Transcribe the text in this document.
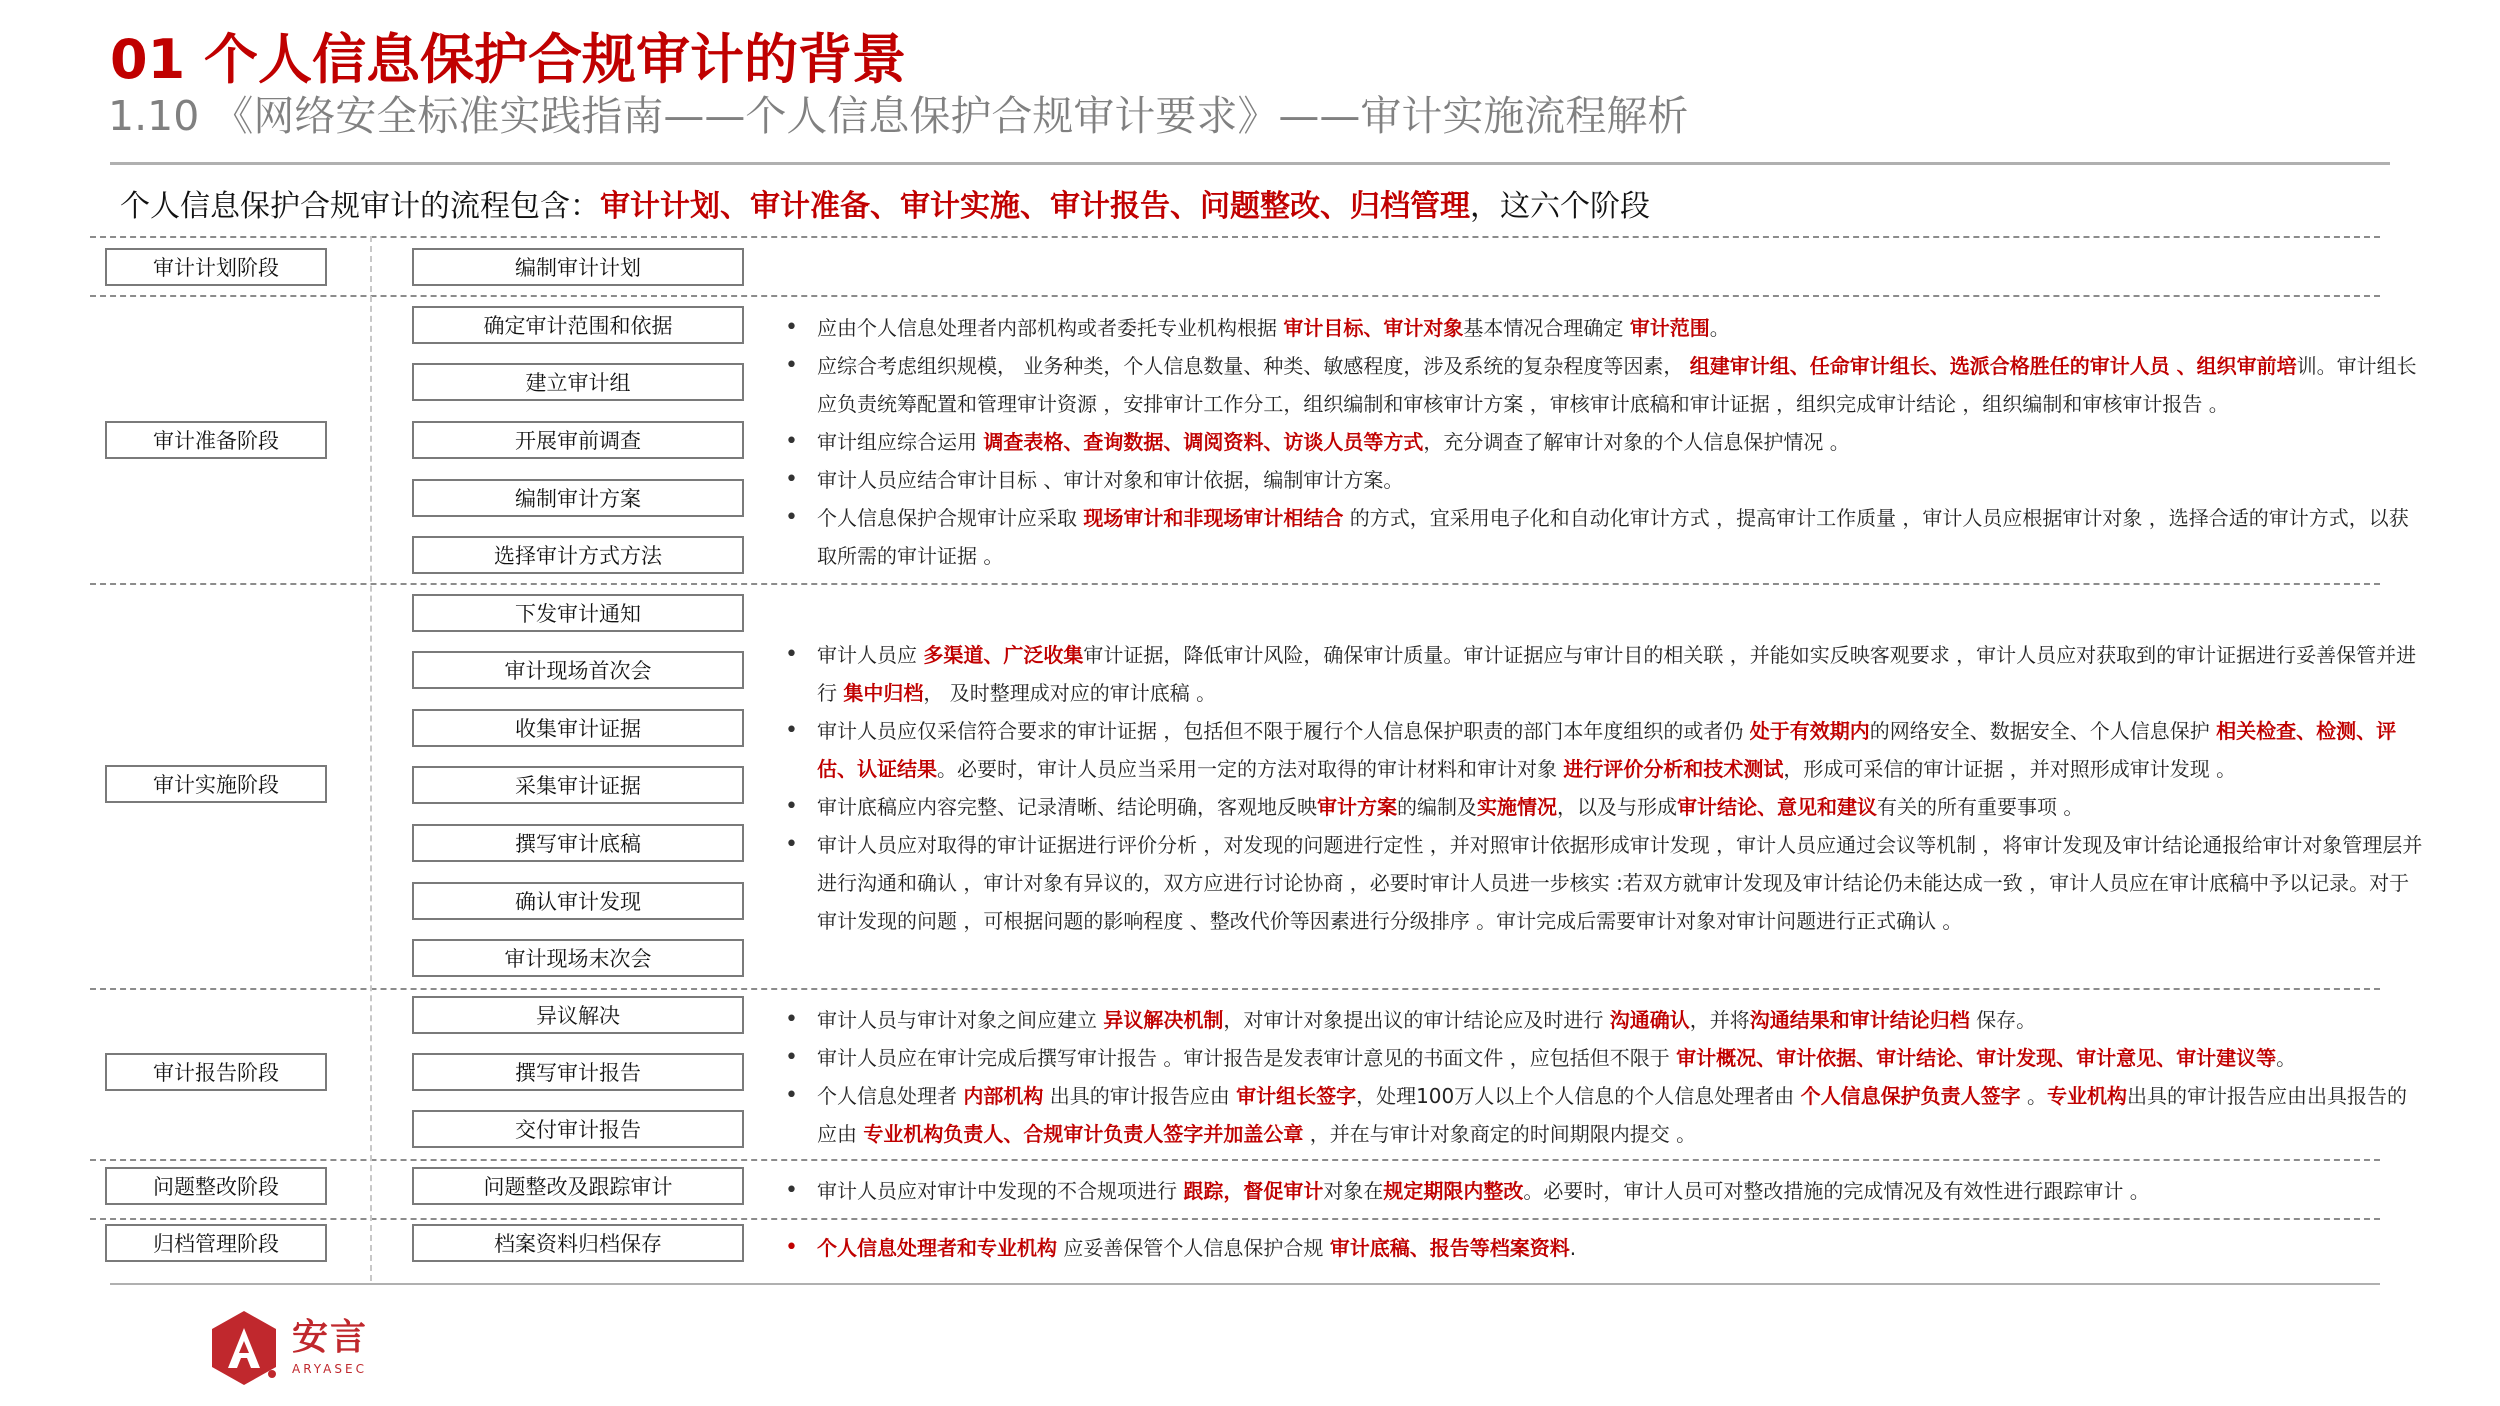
01 个人信息保护合规审计的背景
1.10 《网络安全标准实践指南——个人信息保护合规审计要求》——审计实施流程解析
个人信息保护合规审计的流程包含：审计计划、审计准备、审计实施、审计报告、问题整改、归档管理，这六个阶段
审计计划阶段
审计准备阶段
审计实施阶段
审计报告阶段
问题整改阶段
归档管理阶段
编制审计计划
确定审计范围和依据
建立审计组
开展审前调查
编制审计方案
选择审计方式方法
下发审计通知
审计现场首次会
收集审计证据
采集审计证据
撰写审计底稿
确认审计发现
审计现场末次会
异议解决
撰写审计报告
交付审计报告
问题整改及跟踪审计
档案资料归档保存
• 应由个人信息处理者内部机构或者委托专业机构根据 审计目标、审计对象基本情况合理确定 审计范围。
• 应综合考虑组织规模， 业务种类，个人信息数量、种类、敏感程度，涉及系统的复杂程度等因素， 组建审计组、任命审计组长、选派合格胜任的审计人员 、组织审前培训。审计组长应负责统筹配置和管理审计资源 ，安排审计工作分工，组织编制和审核审计方案 ，审核审计底稿和审计证据 ，组织完成审计结论 ，组织编制和审核审计报告 。
• 审计组应综合运用 调查表格、查询数据、调阅资料、访谈人员等方式，充分调查了解审计对象的个人信息保护情况 。
• 审计人员应结合审计目标 、审计对象和审计依据，编制审计方案。
• 个人信息保护合规审计应采取 现场审计和非现场审计相结合 的方式，宜采用电子化和自动化审计方式 ，提高审计工作质量 ，审计人员应根据审计对象 ，选择合适的审计方式，以获取所需的审计证据 。
• 审计人员应 多渠道、广泛收集审计证据，降低审计风险，确保审计质量。审计证据应与审计目的相关联 ，并能如实反映客观要求 ，审计人员应对获取到的审计证据进行妥善保管并进行 集中归档， 及时整理成对应的审计底稿 。
• 审计人员应仅采信符合要求的审计证据 ，包括但不限于履行个人信息保护职责的部门本年度组织的或者仍 处于有效期内的网络安全、数据安全、个人信息保护 相关检查、检测、评估、认证结果。必要时，审计人员应当采用一定的方法对取得的审计材料和审计对象 进行评价分析和技术测试，形成可采信的审计证据 ，并对照形成审计发现 。
• 审计底稿应内容完整、记录清晰、结论明确，客观地反映审计方案的编制及实施情况，以及与形成审计结论、意见和建议有关的所有重要事项 。
• 审计人员应对取得的审计证据进行评价分析 ，对发现的问题进行定性 ，并对照审计依据形成审计发现 ，审计人员应通过会议等机制 ，将审计发现及审计结论通报给审计对象管理层并进行沟通和确认 ，审计对象有异议的，双方应进行讨论协商 ，必要时审计人员进一步核实 :若双方就审计发现及审计结论仍未能达成一致 ，审计人员应在审计底稿中予以记录。对于审计发现的问题 ，可根据问题的影响程度 、整改代价等因素进行分级排序 。审计完成后需要审计对象对审计问题进行正式确认 。
• 审计人员与审计对象之间应建立 异议解决机制，对审计对象提出议的审计结论应及时进行 沟通确认，并将沟通结果和审计结论归档 保存。
• 审计人员应在审计完成后撰写审计报告 。审计报告是发表审计意见的书面文件 ，应包括但不限于 审计概况、审计依据、审计结论、审计发现、审计意见、审计建议等。
• 个人信息处理者 内部机构 出具的审计报告应由 审计组长签字，处理100万人以上个人信息的个人信息处理者由 个人信息保护负责人签字 。专业机构出具的审计报告应由出具报告的应由 专业机构负责人、合规审计负责人签字并加盖公章 ，并在与审计对象商定的时间期限内提交 。
• 审计人员应对审计中发现的不合规项进行 跟踪，督促审计对象在规定期限内整改。必要时，审计人员可对整改措施的完成情况及有效性进行跟踪审计 。
• 个人信息处理者和专业机构 应妥善保管个人信息保护合规 审计底稿、报告等档案资料.
安言
ARYASEC
